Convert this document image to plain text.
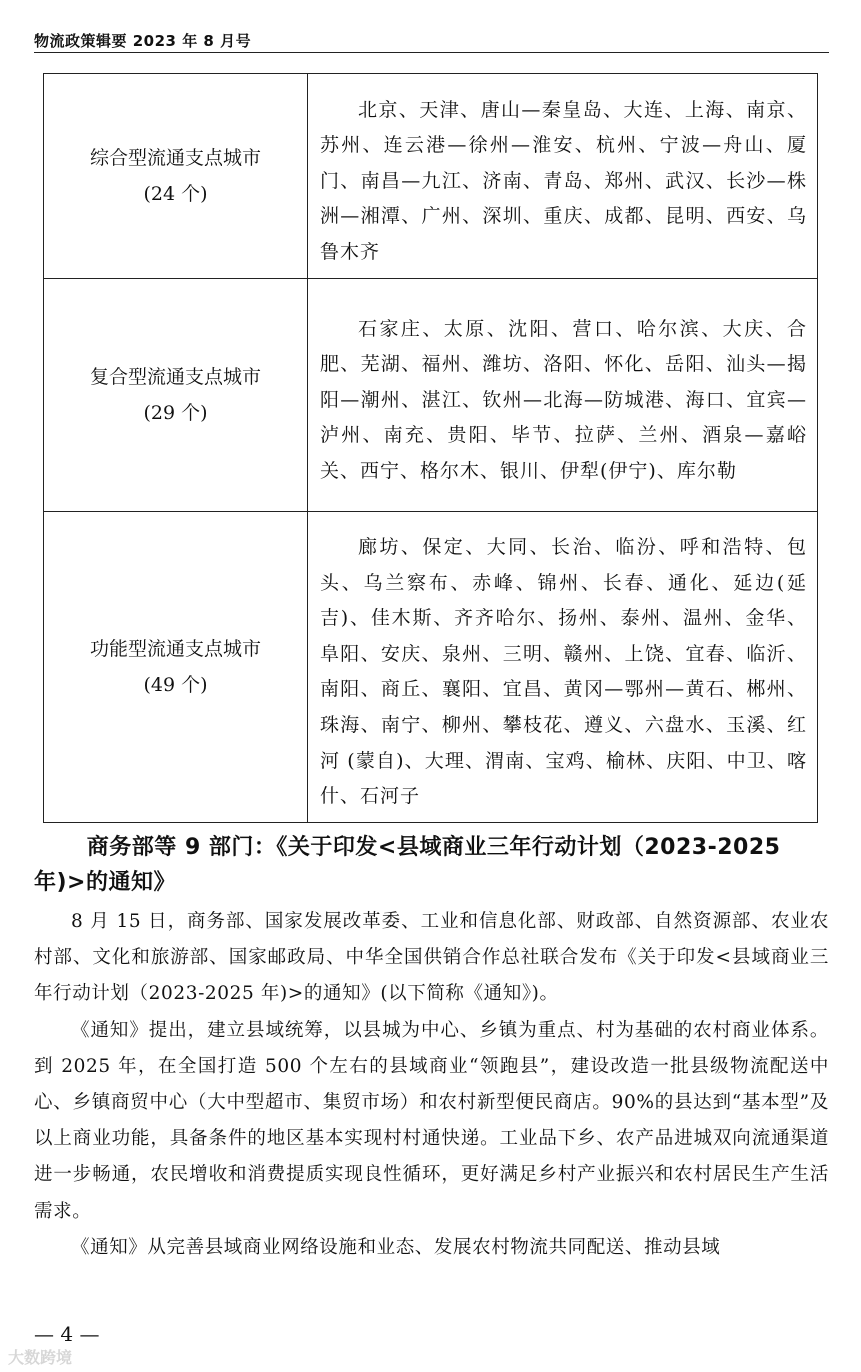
物流政策辑要 2023 年 8 月号
综合型流通支点城市
(24 个)	北京、天津、唐山—秦皇岛、大连、上海、南京、苏州、连云港—徐州—淮安、杭州、宁波—舟山、厦门、南昌—九江、济南、青岛、郑州、武汉、长沙—株洲—湘潭、广州、深圳、重庆、成都、昆明、西安、乌鲁木齐

复合型流通支点城市
(29 个)	石家庄、太原、沈阳、营口、哈尔滨、大庆、合肥、芜湖、福州、潍坊、洛阳、怀化、岳阳、汕头—揭阳—潮州、湛江、钦州—北海—防城港、海口、宜宾—泸州、南充、贵阳、毕节、拉萨、兰州、酒泉—嘉峪关、西宁、格尔木、银川、伊犁(伊宁)、库尔勒

功能型流通支点城市
(49 个)	廊坊、保定、大同、长治、临汾、呼和浩特、包头、乌兰察布、赤峰、锦州、长春、通化、延边(延吉)、佳木斯、齐齐哈尔、扬州、泰州、温州、金华、阜阳、安庆、泉州、三明、赣州、上饶、宜春、临沂、南阳、商丘、襄阳、宜昌、黄冈—鄂州—黄石、郴州、珠海、南宁、柳州、攀枝花、遵义、六盘水、玉溪、红河 (蒙自)、大理、渭南、宝鸡、榆林、庆阳、中卫、喀什、石河子
商务部等 9 部门：《关于印发<县域商业三年行动计划（2023-2025 年)>的通知》

8 月 15 日，商务部、国家发展改革委、工业和信息化部、财政部、自然资源部、农业农村部、文化和旅游部、国家邮政局、中华全国供销合作总社联合发布《关于印发<县域商业三年行动计划（2023-2025 年)>的通知》(以下简称《通知》)。

《通知》提出，建立县域统筹，以县城为中心、乡镇为重点、村为基础的农村商业体系。到 2025 年，在全国打造 500 个左右的县域商业“领跑县”，建设改造一批县级物流配送中心、乡镇商贸中心（大中型超市、集贸市场）和农村新型便民商店。90%的县达到“基本型”及以上商业功能，具备条件的地区基本实现村村通快递。工业品下乡、农产品进城双向流通渠道进一步畅通，农民增收和消费提质实现良性循环，更好满足乡村产业振兴和农村居民生产生活需求。

《通知》从完善县域商业网络设施和业态、发展农村物流共同配送、推动县域

— 4 —
大数跨境
